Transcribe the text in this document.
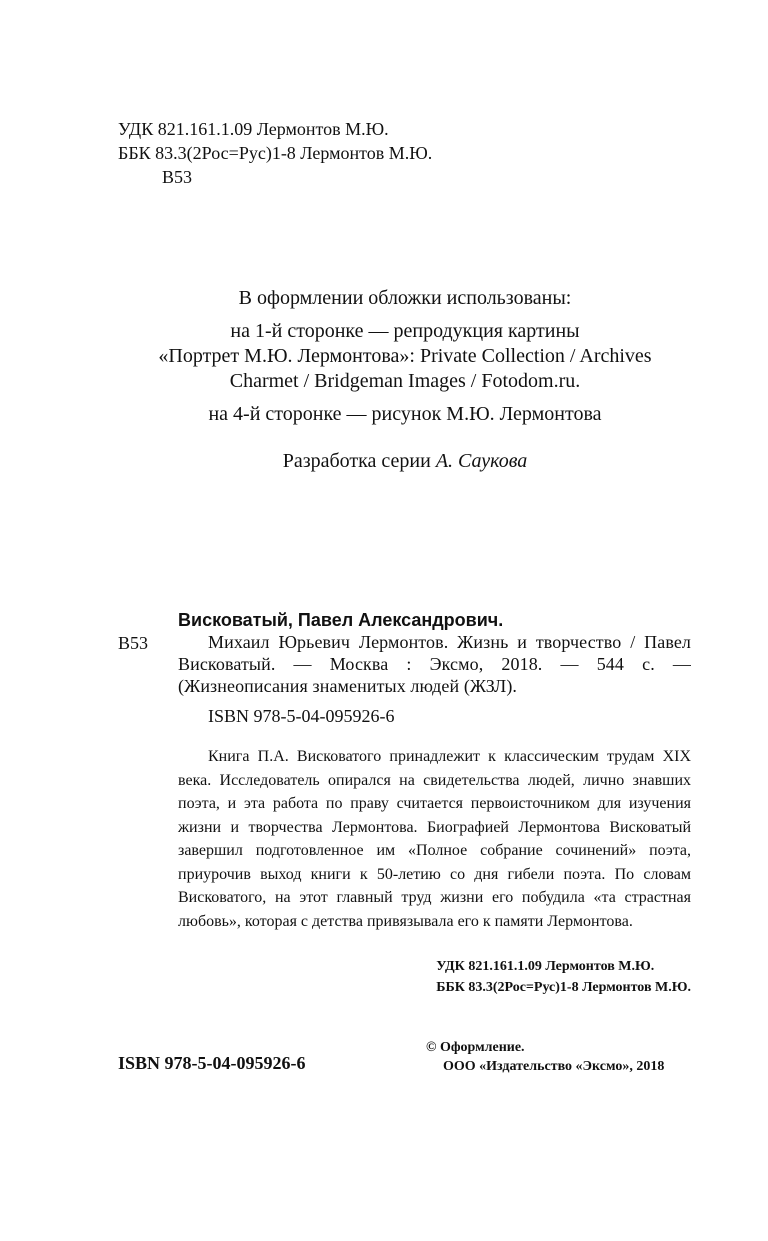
УДК 821.161.1.09 Лермонтов М.Ю.
ББК 83.3(2Рос=Рус)1-8 Лермонтов М.Ю.
В53
В оформлении обложки использованы:
на 1-й сторонке — репродукция картины
«Портрет М.Ю. Лермонтова»: Private Collection / Archives
Charmet / Bridgeman Images / Fotodom.ru.
на 4-й сторонке — рисунок М.Ю. Лермонтова
Разработка серии А. Саукова
В53
Висковатый, Павел Александрович.
Михаил Юрьевич Лермонтов. Жизнь и творчество / Павел Висковатый. — Москва : Эксмо, 2018. — 544 с. — (Жизнеописания знаменитых людей (ЖЗЛ).
ISBN 978-5-04-095926-6
Книга П.А. Висковатого принадлежит к классическим трудам XIX века. Исследователь опирался на свидетельства людей, лично знавших поэта, и эта работа по праву считается первоисточником для изучения жизни и творчества Лермонтова. Биографией Лермонтова Висковатый завершил подготовленное им «Полное собрание сочинений» поэта, приурочив выход книги к 50-летию со дня гибели поэта. По словам Висковатого, на этот главный труд жизни его побудила «та страстная любовь», которая с детства привязывала его к памяти Лермонтова.
УДК 821.161.1.09 Лермонтов М.Ю.
ББК 83.3(2Рос=Рус)1-8 Лермонтов М.Ю.
© Оформление.
ООО «Издательство «Эксмо», 2018
ISBN 978-5-04-095926-6
